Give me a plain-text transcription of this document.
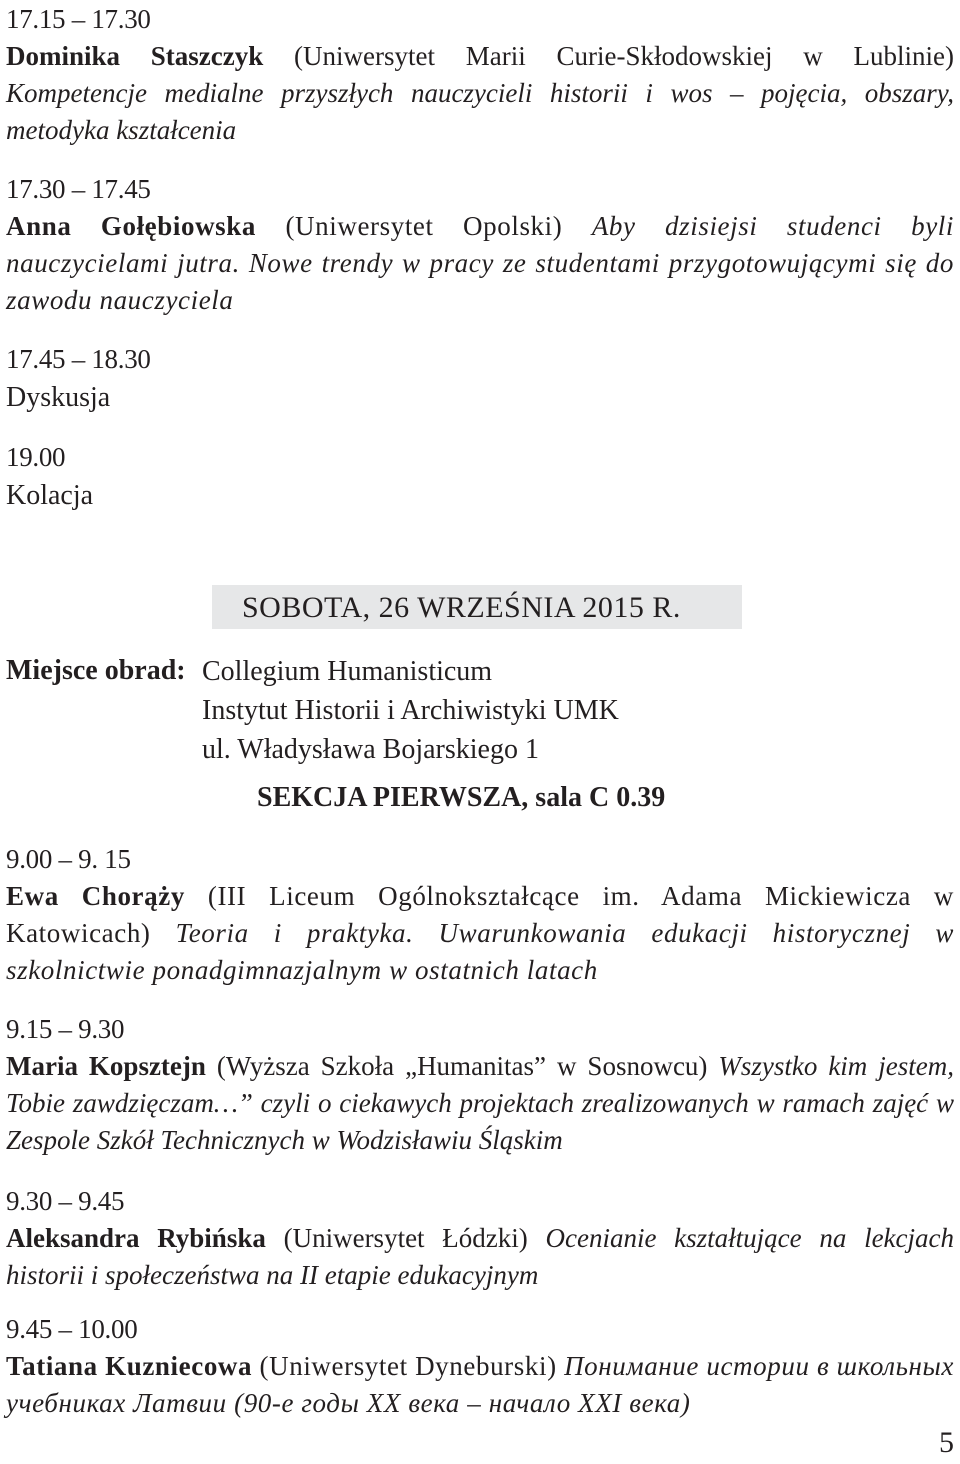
17.15 – 17.30
Dominika Staszczyk (Uniwersytet Marii Curie-Skłodowskiej w Lublinie) Kompetencje medialne przyszłych nauczycieli historii i wos – pojęcia, obszary, metodyka kształcenia
17.30 – 17.45
Anna Gołębiowska (Uniwersytet Opolski) Aby dzisiejsi studenci byli nauczycielami jutra. Nowe trendy w pracy ze studentami przygotowującymi się do zawodu nauczyciela
17.45 – 18.30
Dyskusja
19.00
Kolacja
SOBOTA, 26 WRZEŚNIA 2015 R.
Miejsce obrad: Collegium Humanisticum
Instytut Historii i Archiwistyki UMK
ul. Władysława Bojarskiego 1
SEKCJA PIERWSZA, sala C 0.39
9.00 – 9. 15
Ewa Chorąży (III Liceum Ogólnokształcące im. Adama Mickiewicza w Katowicach) Teoria i praktyka. Uwarunkowania edukacji historycznej w szkolnictwie ponadgimnazjalnym w ostatnich latach
9.15 – 9.30
Maria Kopsztejn (Wyższa Szkoła „Humanitas” w Sosnowcu) Wszystko kim jestem, Tobie zawdzięczam…” czyli o ciekawych projektach zrealizowanych w ramach zajęć w Zespole Szkół Technicznych w Wodzisławiu Śląskim
9.30 – 9.45
Aleksandra Rybińska (Uniwersytet Łódzki) Ocenianie kształtujące na lekcjach historii i społeczeństwa na II etapie edukacyjnym
9.45 – 10.00
Tatiana Kuzniecowa (Uniwersytet Dyneburski) Понимание истории в школьных учебниках Латвии (90-е годы ХХ века – начало ХХI века)
5
